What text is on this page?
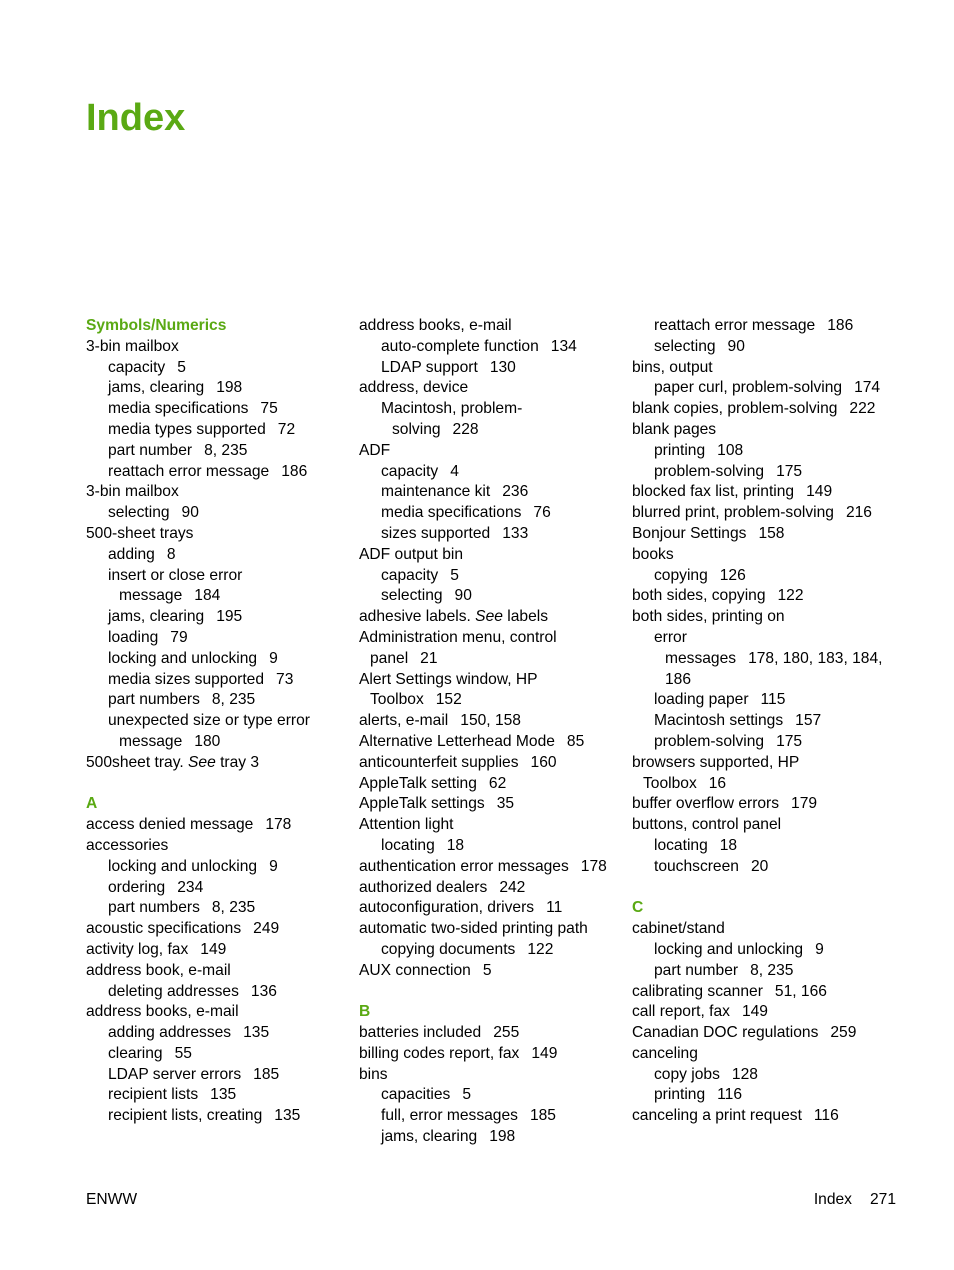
Index
Symbols/Numerics
3-bin mailbox
capacity 5
jams, clearing 198
media specifications 75
media types supported 72
part number 8, 235
reattach error message 186
3-bin mailbox
selecting 90
500-sheet trays
adding 8
insert or close error
message 184
jams, clearing 195
loading 79
locking and unlocking 9
media sizes supported 73
part numbers 8, 235
unexpected size or type error
message 180
500sheet tray. See tray 3
A
access denied message 178
accessories
locking and unlocking 9
ordering 234
part numbers 8, 235
acoustic specifications 249
activity log, fax 149
address book, e-mail
deleting addresses 136
address books, e-mail
adding addresses 135
clearing 55
LDAP server errors 185
recipient lists 135
recipient lists, creating 135
address books, e-mail
auto-complete function 134
LDAP support 130
address, device
Macintosh, problem-
solving 228
ADF
capacity 4
maintenance kit 236
media specifications 76
sizes supported 133
ADF output bin
capacity 5
selecting 90
adhesive labels. See labels
Administration menu, control
panel 21
Alert Settings window, HP
Toolbox 152
alerts, e-mail 150, 158
Alternative Letterhead Mode 85
anticounterfeit supplies 160
AppleTalk setting 62
AppleTalk settings 35
Attention light
locating 18
authentication error messages 178
authorized dealers 242
autoconfiguration, drivers 11
automatic two-sided printing path
copying documents 122
AUX connection 5
B
batteries included 255
billing codes report, fax 149
bins
capacities 5
full, error messages 185
jams, clearing 198
reattach error message 186
selecting 90
bins, output
paper curl, problem-solving 174
blank copies, problem-solving 222
blank pages
printing 108
problem-solving 175
blocked fax list, printing 149
blurred print, problem-solving 216
Bonjour Settings 158
books
copying 126
both sides, copying 122
both sides, printing on
error
messages 178, 180, 183, 184,
186
loading paper 115
Macintosh settings 157
problem-solving 175
browsers supported, HP
Toolbox 16
buffer overflow errors 179
buttons, control panel
locating 18
touchscreen 20
C
cabinet/stand
locking and unlocking 9
part number 8, 235
calibrating scanner 51, 166
call report, fax 149
Canadian DOC regulations 259
canceling
copy jobs 128
printing 116
canceling a print request 116
ENWW	Index 271
